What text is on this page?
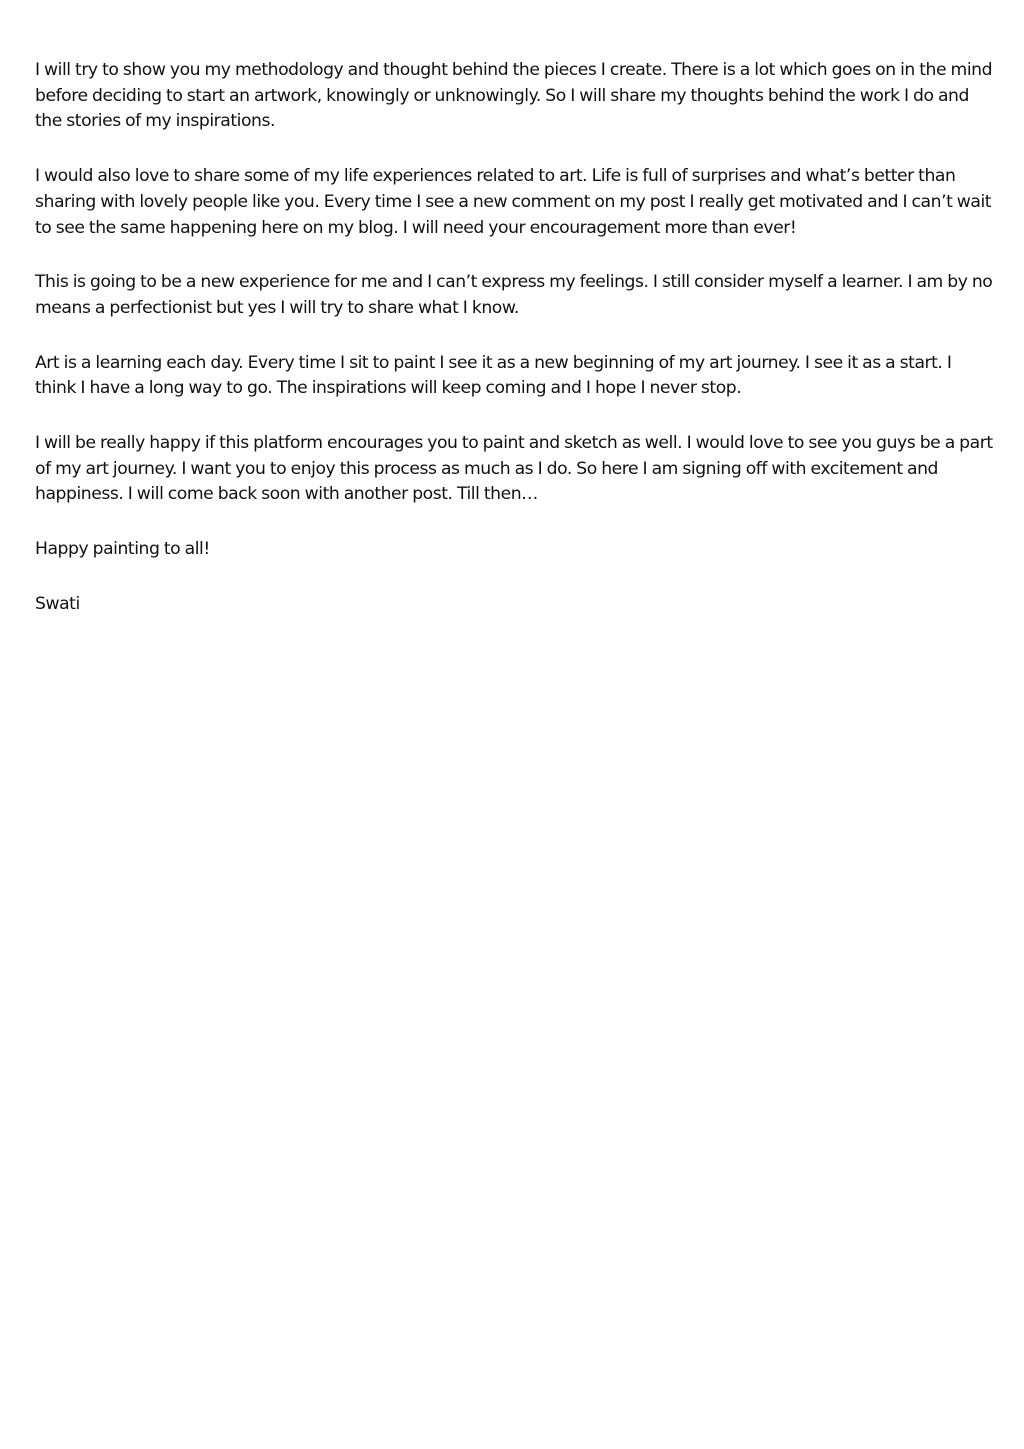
I will try to show you my methodology and thought behind the pieces I create. There is a lot which goes on in the mind before deciding to start an artwork, knowingly or unknowingly. So I will share my thoughts behind the work I do and the stories of my inspirations.

I would also love to share some of my life experiences related to art. Life is full of surprises and what’s better than sharing with lovely people like you. Every time I see a new comment on my post I really get motivated and I can’t wait to see the same happening here on my blog. I will need your encouragement more than ever!

This is going to be a new experience for me and I can’t express my feelings. I still consider myself a learner. I am by no means a perfectionist but yes I will try to share what I know.

Art is a learning each day. Every time I sit to paint I see it as a new beginning of my art journey. I see it as a start. I think I have a long way to go. The inspirations will keep coming and I hope I never stop.

I will be really happy if this platform encourages you to paint and sketch as well. I would love to see you guys be a part of my art journey. I want you to enjoy this process as much as I do. So here I am signing off with excitement and happiness. I will come back soon with another post. Till then…

Happy painting to all!

Swati
